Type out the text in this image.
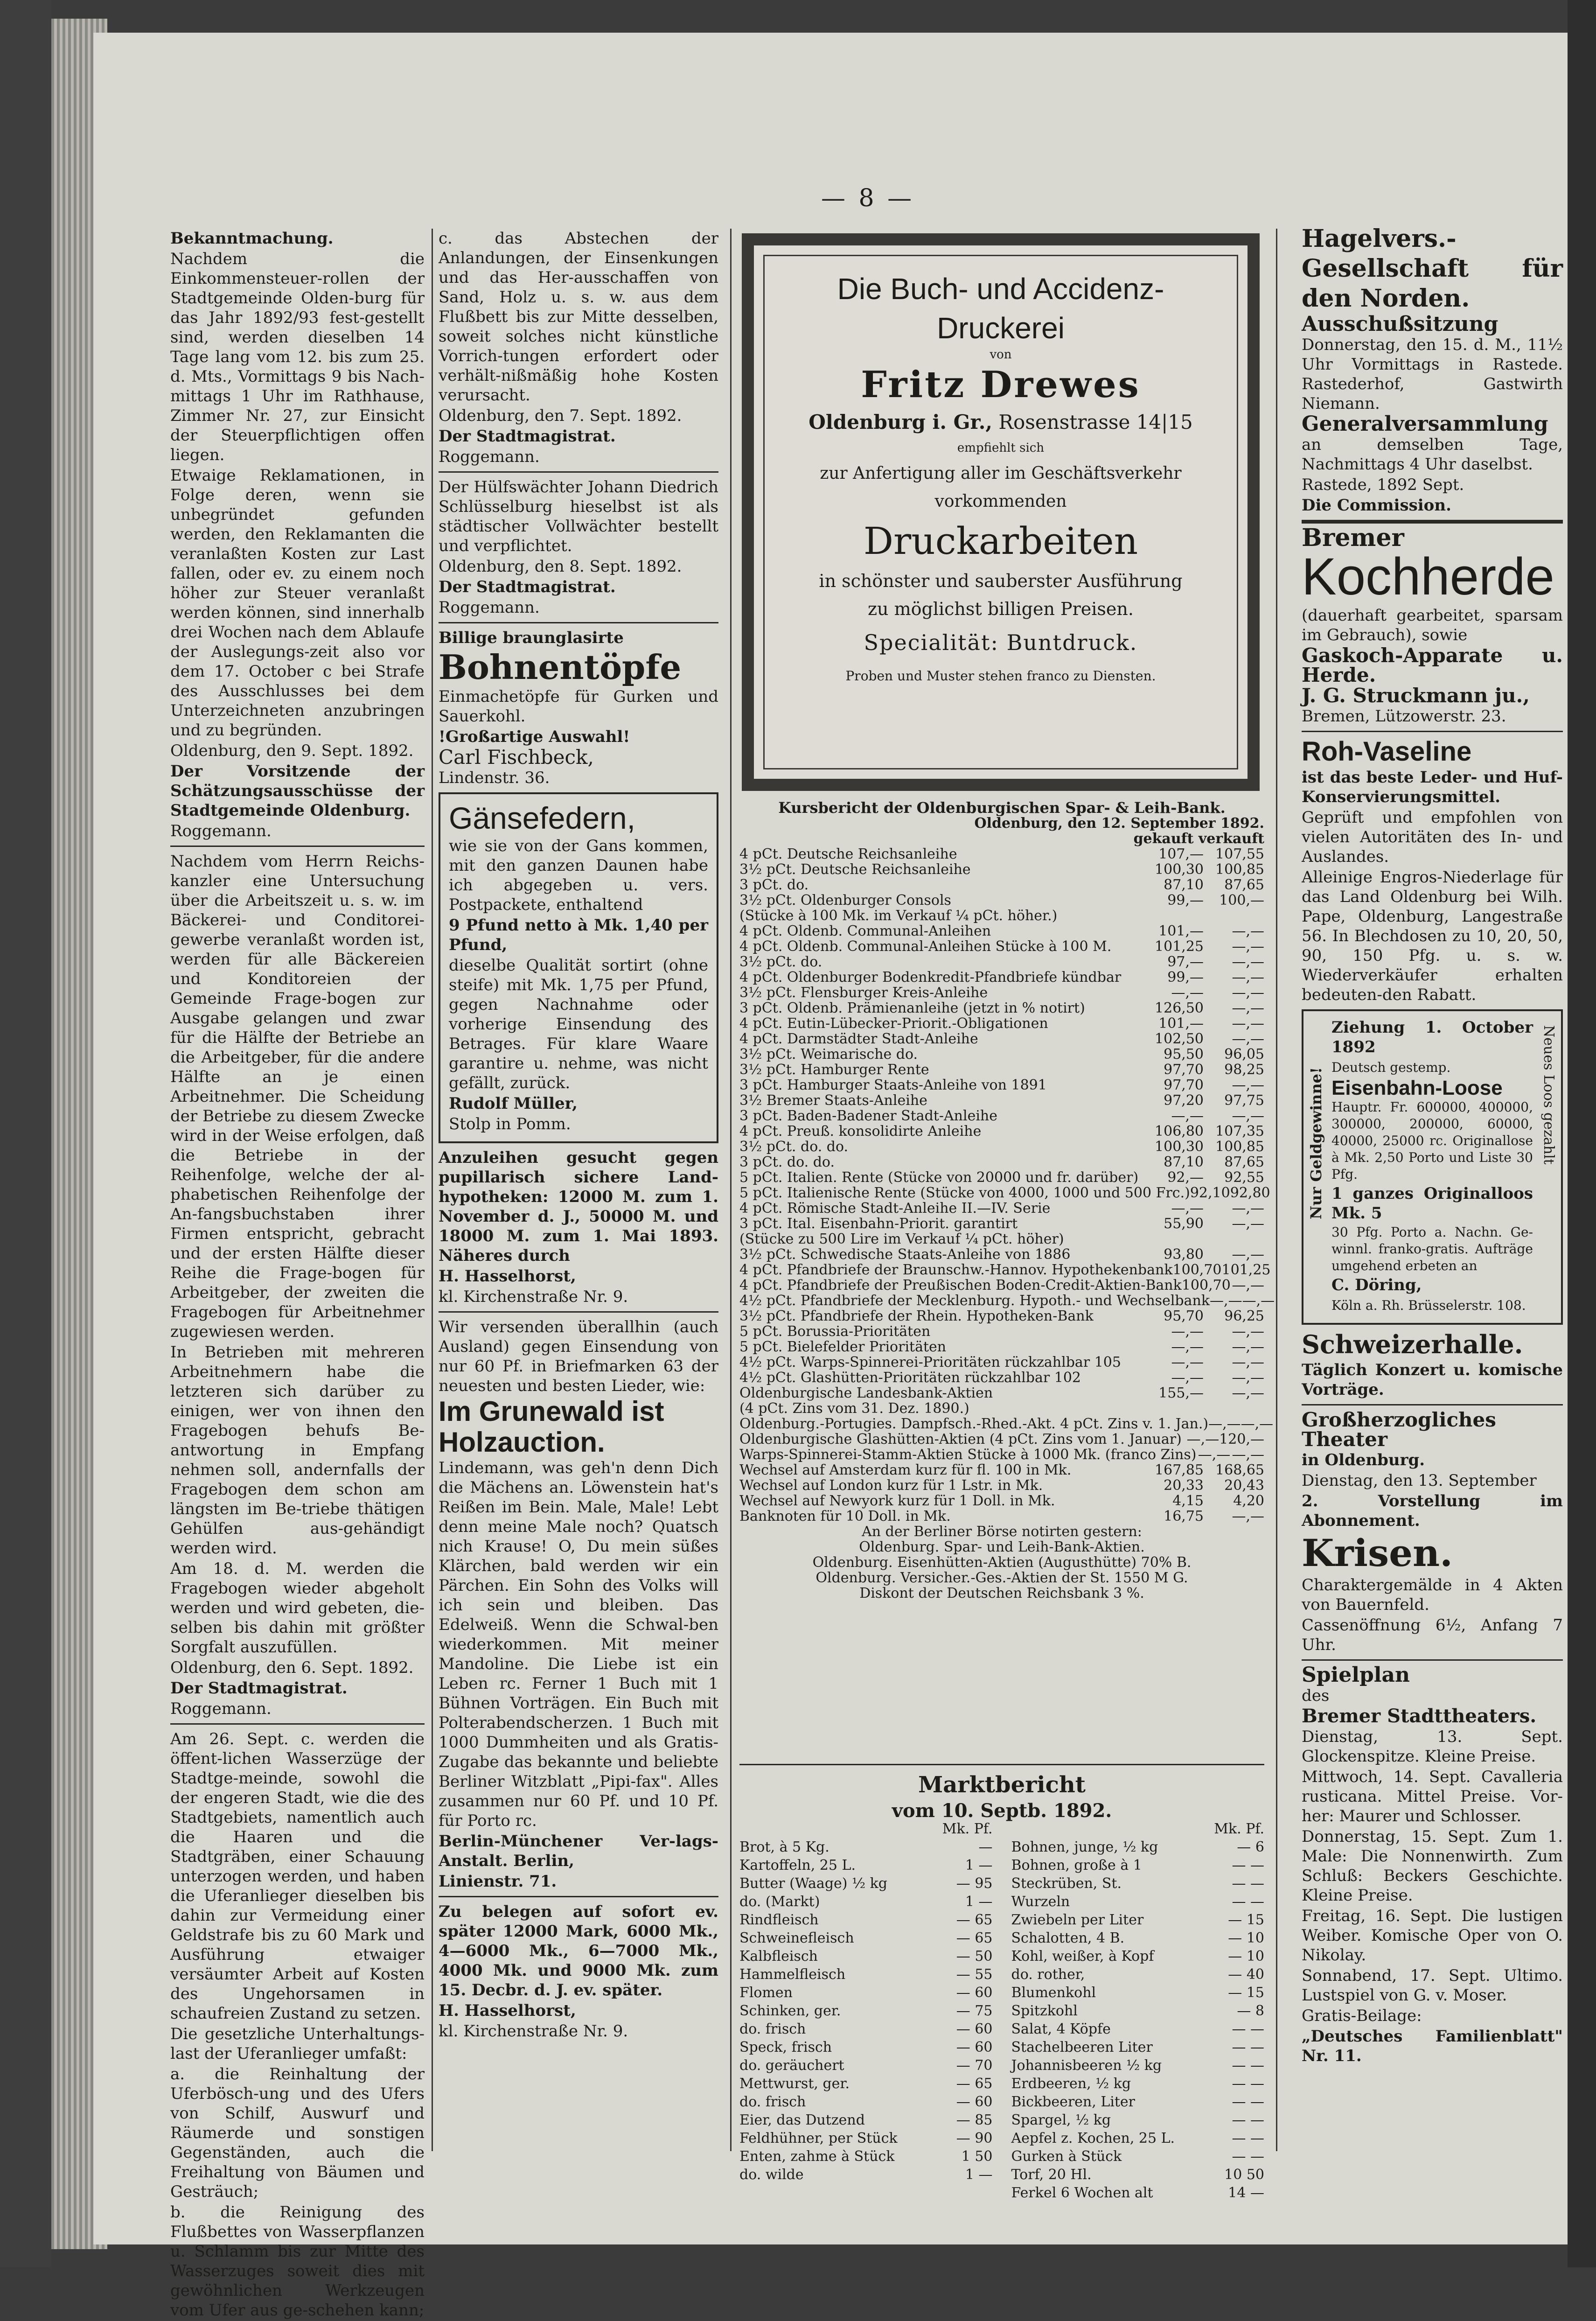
— 8 —

Bekanntmachung.

Nachdem die Einkommensteuer-rollen der Stadtgemeinde Olden-burg für das Jahr 1892/93 fest-gestellt sind, werden dieselben 14 Tage lang vom 12. bis zum 25. d. Mts., Vormittags 9 bis Nach-mittags 1 Uhr im Rathhause, Zimmer Nr. 27, zur Einsicht der Steuerpflichtigen offen liegen.

Etwaige Reklamationen, in Folge deren, wenn sie unbegründet gefunden werden, den Reklamanten die veranlaßten Kosten zur Last fallen, oder ev. zu einem noch höher zur Steuer veranlaßt werden können, sind innerhalb drei Wochen nach dem Ablaufe der Auslegungs-zeit also vor dem 17. October c bei Strafe des Ausschlusses bei dem Unterzeichneten anzubringen und zu begründen.

Oldenburg, den 9. Sept. 1892.

Der Vorsitzende der Schätzungsausschüsse der Stadtgemeinde Oldenburg.

Roggemann.

Nachdem vom Herrn Reichs-kanzler eine Untersuchung über die Arbeitszeit u. s. w. im Bäckerei- und Conditorei-gewerbe veranlaßt worden ist, werden für alle Bäckereien und Konditoreien der Gemeinde Frage-bogen zur Ausgabe gelangen und zwar für die Hälfte der Betriebe an die Arbeitgeber, für die andere Hälfte an je einen Arbeitnehmer. Die Scheidung der Betriebe zu diesem Zwecke wird in der Weise erfolgen, daß die Betriebe in der Reihenfolge, welche der al-phabetischen Reihenfolge der An-fangsbuchstaben ihrer Firmen entspricht, gebracht und der ersten Hälfte dieser Reihe die Frage-bogen für Arbeitgeber, der zweiten die Fragebogen für Arbeitnehmer zugewiesen werden.

In Betrieben mit mehreren Arbeitnehmern habe die letzteren sich darüber zu einigen, wer von ihnen den Fragebogen behufs Be-antwortung in Empfang nehmen soll, andernfalls der Fragebogen dem schon am längsten im Be-triebe thätigen Gehülfen aus-gehändigt werden wird.

Am 18. d. M. werden die Fragebogen wieder abgeholt werden und wird gebeten, die-selben bis dahin mit größter Sorgfalt auszufüllen.

Oldenburg, den 6. Sept. 1892.

Der Stadtmagistrat.

Roggemann.

Am 26. Sept. c. werden die öffent-lichen Wasserzüge der Stadtge-meinde, sowohl die der engeren Stadt, wie die des Stadtgebiets, namentlich auch die Haaren und die Stadtgräben, einer Schauung unterzogen werden, und haben die Uferanlieger dieselben bis dahin zur Vermeidung einer Geldstrafe bis zu 60 Mark und Ausführung etwaiger versäumter Arbeit auf Kosten des Ungehorsamen in schaufreien Zustand zu setzen.

Die gesetzliche Unterhaltungs-last der Uferanlieger umfaßt:

a. die Reinhaltung der Uferbösch-ung und des Ufers von Schilf, Auswurf und Räumerde und sonstigen Gegenständen, auch die Freihaltung von Bäumen und Gesträuch;

b. die Reinigung des Flußbettes von Wasserpflanzen u. Schlamm bis zur Mitte des Wasserzuges soweit dies mit gewöhnlichen Werkzeugen vom Ufer aus ge-schehen kann;

c. das Abstechen der Anlandungen, der Einsenkungen und das Her-ausschaffen von Sand, Holz u. s. w. aus dem Flußbett bis zur Mitte desselben, soweit solches nicht künstliche Vorrich-tungen erfordert oder verhält-nißmäßig hohe Kosten verursacht.

Oldenburg, den 7. Sept. 1892.

Der Stadtmagistrat.

Roggemann.

Der Hülfswächter Johann Diedrich Schlüsselburg hieselbst ist als städtischer Vollwächter bestellt und verpflichtet.

Oldenburg, den 8. Sept. 1892.

Der Stadtmagistrat.

Roggemann.

Billige braunglasirte

Bohnentöpfe

Einmachetöpfe für Gurken und Sauerkohl.

!Großartige Auswahl!

Carl Fischbeck,

Lindenstr. 36.

Gänsefedern,

wie sie von der Gans kommen, mit den ganzen Daunen habe ich abgegeben u. vers. Postpackete, enthaltend

9 Pfund netto à Mk. 1,40 per Pfund,

dieselbe Qualität sortirt (ohne steife) mit Mk. 1,75 per Pfund, gegen Nachnahme oder vorherige Einsendung des Betrages. Für klare Waare garantire u. nehme, was nicht gefällt, zurück.

Rudolf Müller,

Stolp in Pomm.

Anzuleihen gesucht gegen pupillarisch sichere Land-hypotheken: 12000 M. zum 1. November d. J., 50000 M. und 18000 M. zum 1. Mai 1893. Näheres durch

H. Hasselhorst,

kl. Kirchenstraße Nr. 9.

Wir versenden überallhin (auch Ausland) gegen Einsendung von nur 60 Pf. in Briefmarken 63 der neuesten und besten Lieder, wie:

Im Grunewald ist

Holzauction.

Lindemann, was geh'n denn Dich die Mächens an. Löwenstein hat's Reißen im Bein. Male, Male! Lebt denn meine Male noch? Quatsch nich Krause! O, Du mein süßes Klärchen, bald werden wir ein Pärchen. Ein Sohn des Volks will ich sein und bleiben. Das Edelweiß. Wenn die Schwal-ben wiederkommen. Mit meiner Mandoline. Die Liebe ist ein Leben rc. Ferner 1 Buch mit 1 Bühnen Vorträgen. Ein Buch mit Polterabendscherzen. 1 Buch mit 1000 Dummheiten und als Gratis-Zugabe das bekannte und beliebte Berliner Witzblatt „Pipi-fax". Alles zusammen nur 60 Pf. und 10 Pf. für Porto rc.

Berlin-Münchener Ver-lags-Anstalt. Berlin,

Linienstr. 71.

Zu belegen auf sofort ev. später 12000 Mark, 6000 Mk., 4—6000 Mk., 6—7000 Mk., 4000 Mk. und 9000 Mk. zum 15. Decbr. d. J. ev. später.

H. Hasselhorst,

kl. Kirchenstraße Nr. 9.

Die Buch- und Accidenz-Druckerei

von

Fritz Drewes

Oldenburg i. Gr., Rosenstrasse 14|15

empfiehlt sich

zur Anfertigung aller im Geschäftsverkehr vorkommenden

Druckarbeiten

in schönster und sauberster Ausführung

zu möglichst billigen Preisen.

Specialität: Buntdruck.

Proben und Muster stehen franco zu Diensten.

Kursbericht der Oldenburgischen Spar- & Leih-Bank.

Oldenburg, den 12. September 1892.

gekauft verkauft

4 pCt. Deutsche Reichsanleihe	107,— 107,55
3½ pCt. Deutsche Reichsanleihe	100,30 100,85
3 pCt. do.	87,10	87,65
3½ pCt. Oldenburger Consols	99,—	100,—
(Stücke à 100 Mk. im Verkauf ¼ pCt. höher.)
4 pCt. Oldenb. Communal-Anleihen	101,—	—,—
4 pCt. Oldenb. Communal-Anleihen Stücke à 100 M.	101,25	—,—
3½ pCt. do.	97,—	—,—
4 pCt. Oldenburger Bodenkredit-Pfandbriefe kündbar	99,—	—,—
3½ pCt. Flensburger Kreis-Anleihe	—,—	—,—
3 pCt. Oldenb. Prämienanleihe (jetzt in % notirt)	126,50	—,—
4 pCt. Eutin-Lübecker-Priorit.-Obligationen	101,—	—,—
4 pCt. Darmstädter Stadt-Anleihe	102,50	—,—
3½ pCt. Weimarische do.	95,50	96,05
3½ pCt. Hamburger Rente	97,70	98,25
3 pCt. Hamburger Staats-Anleihe von 1891	97,70	—,—
3½ Bremer Staats-Anleihe	97,20	97,75
3 pCt. Baden-Badener Stadt-Anleihe	—,—	—,—
4 pCt. Preuß. konsolidirte Anleihe	106,80 107,35
3½ pCt. do. do.	100,30 100,85
3 pCt. do. do.	87,10	87,65
5 pCt. Italien. Rente (Stücke von 20000 und fr. darüber)	92,—	92,55
5 pCt. Italienische Rente (Stücke von 4000, 1000 und 500 Frc.) 92,10 92,80
4 pCt. Römische Stadt-Anleihe II.—IV. Serie	—,—	—,—
3 pCt. Ital. Eisenbahn-Priorit. garantirt	55,90	—,—
(Stücke zu 500 Lire im Verkauf ¼ pCt. höher)
3½ pCt. Schwedische Staats-Anleihe von 1886	93,80	—,—
4 pCt. Pfandbriefe der Braunschw.-Hannov. Hypothekenbank 100,70 101,25
4 pCt. Pfandbriefe der Preußischen Boden-Credit-Aktien-Bank 100,70 —,—
4½ pCt. Pfandbriefe der Mecklenburg. Hypoth.- und Wechselbank —,— —,—
3½ pCt. Pfandbriefe der Rhein. Hypotheken-Bank	95,70	96,25
5 pCt. Borussia-Prioritäten	—,—	—,—
5 pCt. Bielefelder Prioritäten	—,—	—,—
4½ pCt. Warps-Spinnerei-Prioritäten rückzahlbar 105	—,—	—,—
4½ pCt. Glashütten-Prioritäten rückzahlbar 102	—,—	—,—
Oldenburgische Landesbank-Aktien	155,—	—,—
(4 pCt. Zins vom 31. Dez. 1890.)
Oldenburg.-Portugies. Dampfsch.-Rhed.-Akt. 4 pCt. Zins v. 1. Jan.) —,— —,—
Oldenburgische Glashütten-Aktien (4 pCt. Zins vom 1. Januar) —,— 120,—
Warps-Spinnerei-Stamm-Aktien Stücke à 1000 Mk. (franco Zins) —,— —,—
Wechsel auf Amsterdam kurz für fl. 100 in Mk.	167,85 168,65
Wechsel auf London kurz für 1 Lstr. in Mk.	20,33	20,43
Wechsel auf Newyork kurz für 1 Doll. in Mk.	4,15	4,20
Banknoten für 10 Doll. in Mk.	16,75	—,—

An der Berliner Börse notirten gestern:

Oldenburg. Spar- und Leih-Bank-Aktien.

Oldenburg. Eisenhütten-Aktien (Augusthütte) 70% B.

Oldenburg. Versicher.-Ges.-Aktien der St. 1550 M G.

Diskont der Deutschen Reichsbank 3 %.

Marktbericht

vom 10. Septb. 1892.

Mk. Pf.

Brot, à 5 Kg.	—
Kartoffeln, 25 L.	1 —
Butter (Waage) ½ kg	— 95
do. (Markt)	1 —
Rindfleisch	— 65
Schweinefleisch	— 65
Kalbfleisch	— 50
Hammelfleisch	— 55
Flomen	— 60
Schinken, ger.	— 75
do. frisch	— 60
Speck, frisch	— 60
do. geräuchert	— 70
Mettwurst, ger.	— 65
do. frisch	— 60
Eier, das Dutzend	— 85
Feldhühner, per Stück	— 90
Enten, zahme à Stück	1 50
do. wilde	1 —

Mk. Pf.

Bohnen, junge, ½ kg	— 6
Bohnen, große à 1	— —
Steckrüben, St.	— —
Wurzeln	— —
Zwiebeln per Liter	— 15
Schalotten, 4 B.	— 10
Kohl, weißer, à Kopf	— 10
do. rother,	— 40
Blumenkohl	— 15
Spitzkohl	— 8
Salat, 4 Köpfe	— —
Stachelbeeren Liter	— —
Johannisbeeren ½ kg	— —
Erdbeeren, ½ kg	— —
Bickbeeren, Liter	— —
Spargel, ½ kg	— —
Aepfel z. Kochen, 25 L.	— —
Gurken à Stück	— —
Torf, 20 Hl.	10 50
Ferkel 6 Wochen alt	14 —

Hagelvers.-Gesellschaft für den Norden.

Ausschußsitzung

Donnerstag, den 15. d. M., 11½ Uhr Vormittags in Rastede. Rastederhof, Gastwirth Niemann.

Generalversammlung

an demselben Tage, Nachmittags 4 Uhr daselbst.

Rastede, 1892 Sept.

Die Commission.

Bremer

Kochherde

(dauerhaft gearbeitet, sparsam im Gebrauch), sowie

Gaskoch-Apparate u. Herde.

J. G. Struckmann ju.,

Bremen, Lützowerstr. 23.

Roh-Vaseline

ist das beste Leder- und Huf-Konservierungsmittel.

Geprüft und empfohlen von vielen Autoritäten des In- und Auslandes.

Alleinige Engros-Niederlage für das Land Oldenburg bei Wilh. Pape, Oldenburg, Langestraße 56. In Blechdosen zu 10, 20, 50, 90, 150 Pfg. u. s. w. Wiederverkäufer erhalten bedeuten-den Rabatt.

Nur Geldgewinne!	Neues Loos gezahlt

Ziehung 1. October 1892

Deutsch gestemp.

Eisenbahn-Loose

Hauptr. Fr. 600000, 400000, 300000, 200000, 60000, 40000, 25000 rc. Originallose à Mk. 2,50 Porto und Liste 30 Pfg.

1 ganzes Originalloos Mk. 5

30 Pfg. Porto a. Nachn. Ge-winnl. franko-gratis. Aufträge umgehend erbeten an

C. Döring,

Köln a. Rh. Brüsselerstr. 108.

Schweizerhalle.

Täglich Konzert u. komische Vorträge.

Großherzogliches Theater

in Oldenburg.

Dienstag, den 13. September

2. Vorstellung im Abonnement.

Krisen.

Charaktergemälde in 4 Akten von Bauernfeld.

Cassenöffnung 6½, Anfang 7 Uhr.

Spielplan

des

Bremer Stadttheaters.

Dienstag, 13. Sept. Glockenspitze. Kleine Preise.

Mittwoch, 14. Sept. Cavalleria rusticana. Mittel Preise. Vor-her: Maurer und Schlosser.

Donnerstag, 15. Sept. Zum 1. Male: Die Nonnenwirth. Zum Schluß: Beckers Geschichte. Kleine Preise.

Freitag, 16. Sept. Die lustigen Weiber. Komische Oper von O. Nikolay.

Sonnabend, 17. Sept. Ultimo. Lustspiel von G. v. Moser.

Gratis-Beilage:

„Deutsches Familienblatt" Nr. 11.
